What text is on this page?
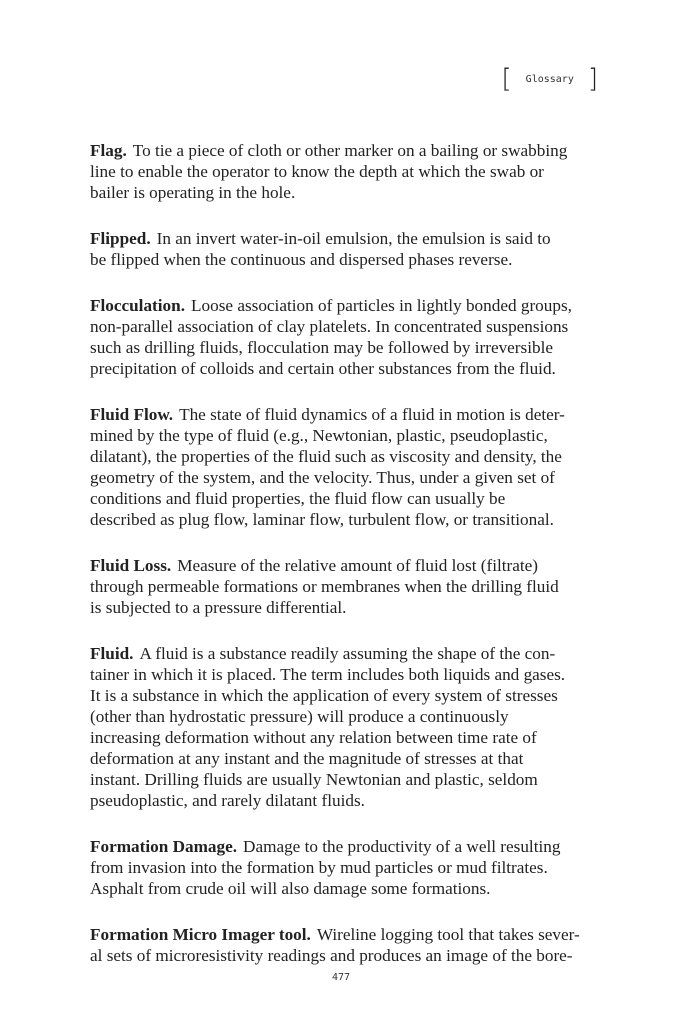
[ Glossary ]
Flag. To tie a piece of cloth or other marker on a bailing or swabbing
line to enable the operator to know the depth at which the swab or
bailer is operating in the hole.
Flipped. In an invert water-in-oil emulsion, the emulsion is said to
be flipped when the continuous and dispersed phases reverse.
Flocculation. Loose association of particles in lightly bonded groups,
non-parallel association of clay platelets. In concentrated suspensions
such as drilling fluids, flocculation may be followed by irreversible
precipitation of colloids and certain other substances from the fluid.
Fluid Flow. The state of fluid dynamics of a fluid in motion is deter-
mined by the type of fluid (e.g., Newtonian, plastic, pseudoplastic,
dilatant), the properties of the fluid such as viscosity and density, the
geometry of the system, and the velocity. Thus, under a given set of
conditions and fluid properties, the fluid flow can usually be
described as plug flow, laminar flow, turbulent flow, or transitional.
Fluid Loss. Measure of the relative amount of fluid lost (filtrate)
through permeable formations or membranes when the drilling fluid
is subjected to a pressure differential.
Fluid. A fluid is a substance readily assuming the shape of the con-
tainer in which it is placed. The term includes both liquids and gases.
It is a substance in which the application of every system of stresses
(other than hydrostatic pressure) will produce a continuously
increasing deformation without any relation between time rate of
deformation at any instant and the magnitude of stresses at that
instant. Drilling fluids are usually Newtonian and plastic, seldom
pseudoplastic, and rarely dilatant fluids.
Formation Damage. Damage to the productivity of a well resulting
from invasion into the formation by mud particles or mud filtrates.
Asphalt from crude oil will also damage some formations.
Formation Micro Imager tool. Wireline logging tool that takes sever-
al sets of microresistivity readings and produces an image of the bore-
477
